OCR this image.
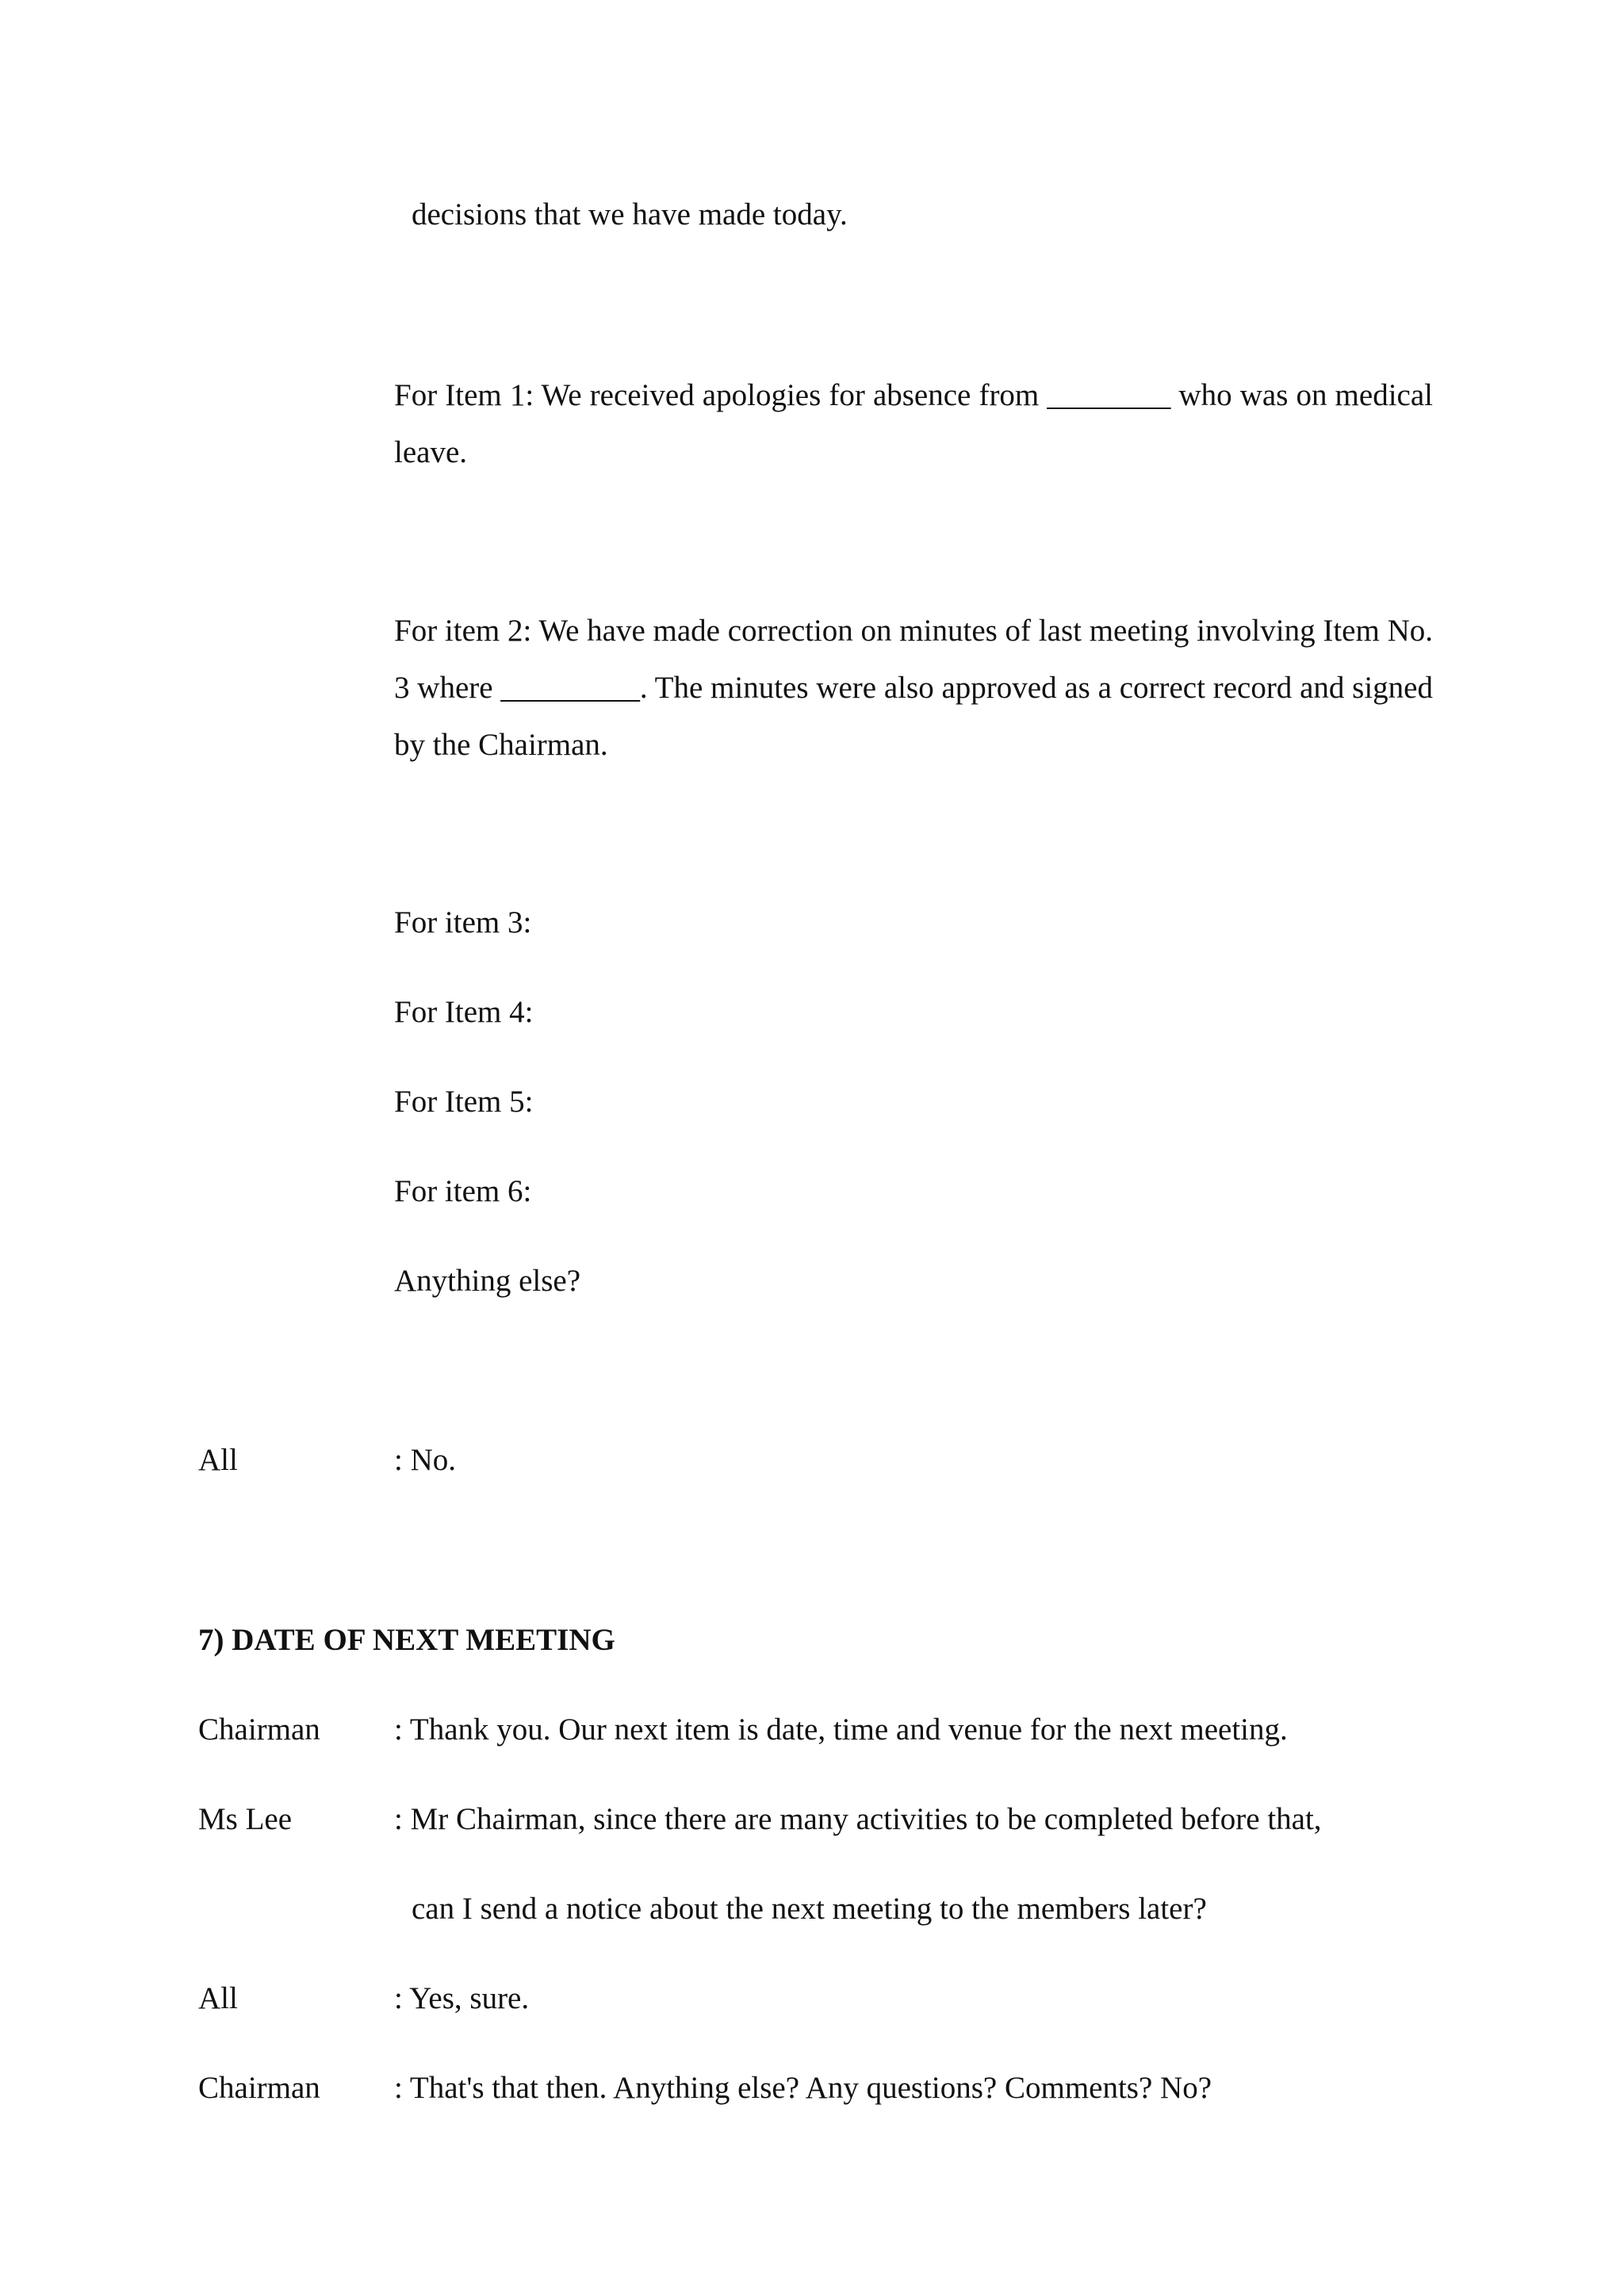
decisions that we have made today.

For Item 1: We received apologies for absence from ________ who was on medical leave.

For item 2: We have made correction on minutes of last meeting involving Item No. 3 where _________. The minutes were also approved as a correct record and signed by the Chairman.

For item 3:

For Item 4:

For Item 5:

For item 6:

Anything else?

All	: No.

7) DATE OF NEXT MEETING

Chairman : Thank you. Our next item is date, time and venue for the next meeting.

Ms Lee	: Mr Chairman, since there are many activities to be completed before that,

can I send a notice about the next meeting to the members later?

All	: Yes, sure.

Chairman : That's that then. Anything else? Any questions? Comments? No?
